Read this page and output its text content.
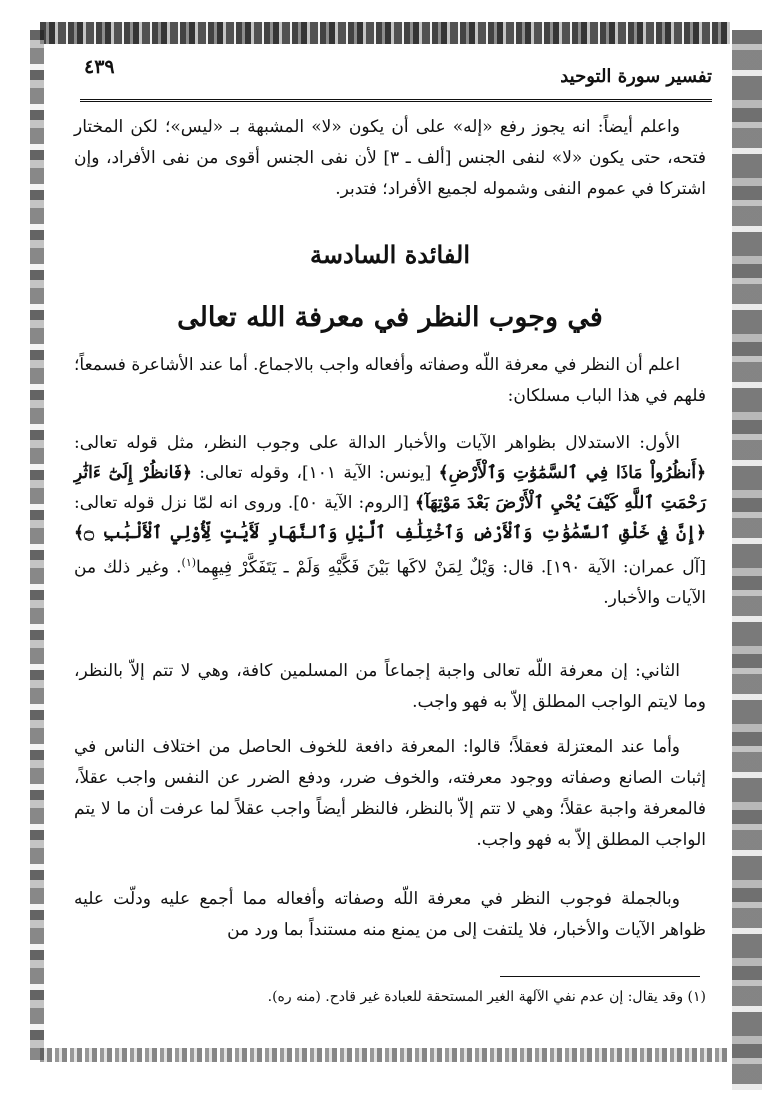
٤٣٩	تفسير سورة التوحيد
واعلم أيضاً: انه يجوز رفع «إله» على أن يكون «لا» المشبهة بـ «ليس»؛ لكن المختار فتحه، حتى يكون «لا» لنفى الجنس [ألف ـ ٣] لأن نفى الجنس أقوى من نفى الأفراد، وإن اشتركا في عموم النفى وشموله لجميع الأفراد؛ فتدبر.
الفائدة السادسة
في وجوب النظر في معرفة الله تعالى
اعلم أن النظر في معرفة اللّه وصفاته وأفعاله واجب بالاجماع. أما عند الأشاعرة فسمعاً؛ فلهم في هذا الباب مسلكان:
الأول: الاستدلال بظواهر الآيات والأخبار الدالة على وجوب النظر، مثل قوله تعالى: ﴿أَنظُرُواْ مَاذَا فِي ٱلسَّمَٰوَٰتِ وَٱلْأَرْضِ﴾ [يونس: الآية ١٠١]، وقوله تعالى: ﴿فَانظُرْ إِلَىٰٓ ءَاثَٰرِ رَحْمَتِ ٱللَّهِ كَيْفَ يُحْيِ ٱلْأَرْضَ بَعْدَ مَوْتِهَآ﴾ [الروم: الآية ٥٠]. وروى انه لمّا نزل قوله تعالى: ﴿إِنَّ فِي خَلْقِ ٱلسَّمَٰوَٰتِ وَٱلْأَرْضِ وَٱخْتِلَٰفِ ٱلَّيْلِ وَٱلنَّهَارِ لَأَيَٰتٍ لِّأُوْلِي ٱلْأَلْبَٰبِ ۝﴾ [آل عمران: الآية ١٩٠]. قال: وَيْلٌ لِمَنْ لاكَها بَيْنَ فَكَّيْهِ وَلَمْ ـ يَتَفَكَّرْ فِيهِما$^{(١)}$. وغير ذلك من الآيات والأخبار.
الثاني: إن معرفة اللّه تعالى واجبة إجماعاً من المسلمين كافة، وهي لا تتم إلاّ بالنظر، وما لايتم الواجب المطلق إلاّ به فهو واجب.
وأما عند المعتزلة فعقلاً؛ قالوا: المعرفة دافعة للخوف الحاصل من اختلاف الناس في إثبات الصانع وصفاته ووجود معرفته، والخوف ضرر، ودفع الضرر عن النفس واجب عقلاً، فالمعرفة واجبة عقلاً؛ وهي لا تتم إلاّ بالنظر، فالنظر أيضاً واجب عقلاً لما عرفت أن ما لا يتم الواجب المطلق إلاّ به فهو واجب.
وبالجملة فوجوب النظر في معرفة اللّه وصفاته وأفعاله مما أجمع عليه ودلّت عليه ظواهر الآيات والأخبار، فلا يلتفت إلى من يمنع منه مستنداً بما ورد من
(١) وقد يقال: إن عدم نفي الآلهة الغير المستحقة للعبادة غير قادح. (منه ره).
